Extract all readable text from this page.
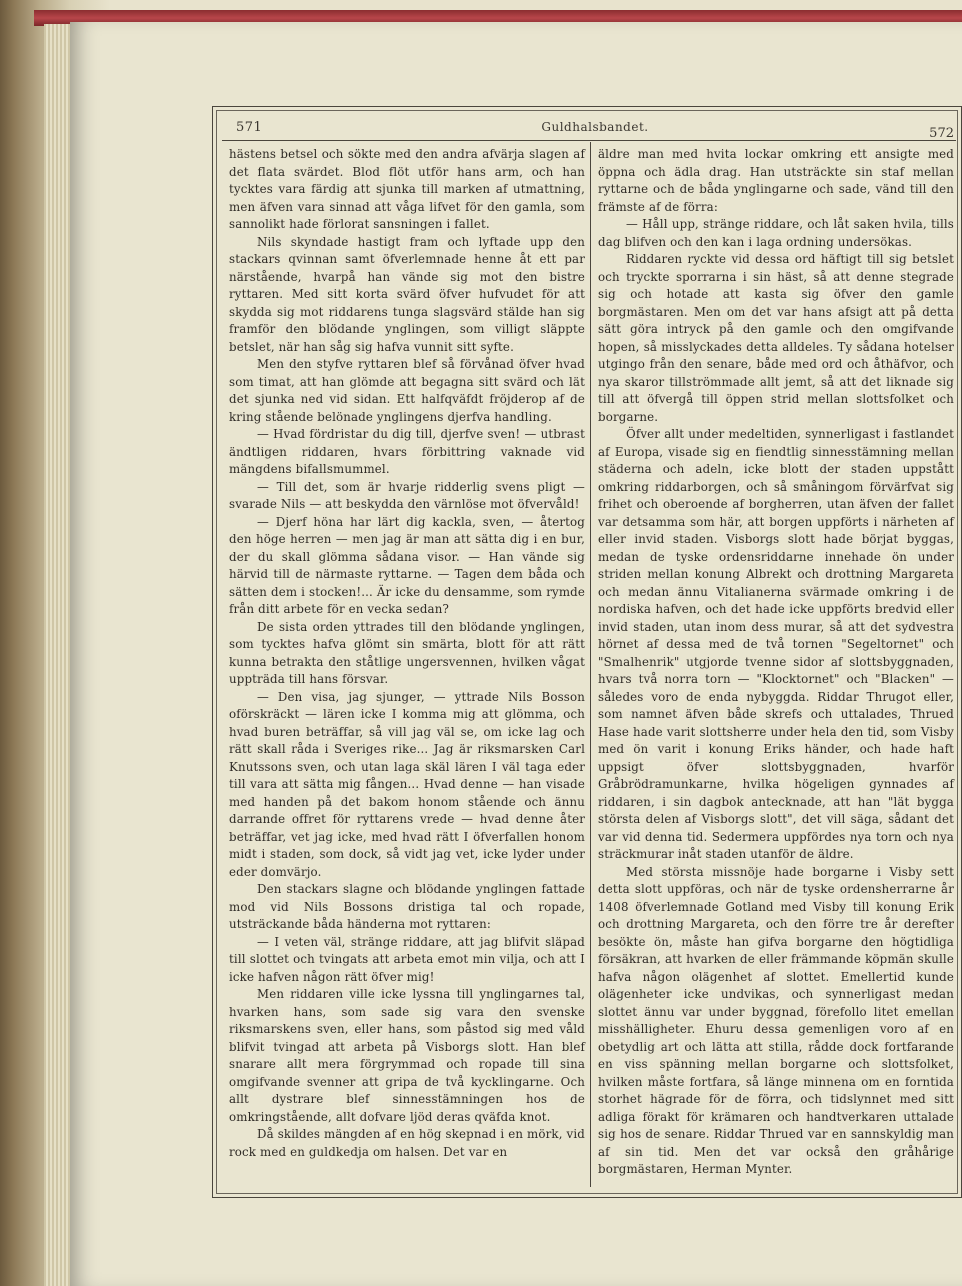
571	Guldhalsbandet.	572

hästens betsel och sökte med den andra afvärja slagen af det flata svärdet. Blod flöt utför hans arm, och han tycktes vara färdig att sjunka till marken af utmattning, men äfven vara sinnad att våga lifvet för den gamla, som sannolikt hade förlorat sansningen i fallet.

Nils skyndade hastigt fram och lyftade upp den stackars qvinnan samt öfverlemnade henne åt ett par närstående, hvarpå han vände sig mot den bistre ryttaren. Med sitt korta svärd öfver hufvudet för att skydda sig mot riddarens tunga slagsvärd stälde han sig framför den blödande ynglingen, som villigt släppte betslet, när han såg sig hafva vunnit sitt syfte.

Men den styfve ryttaren blef så förvånad öfver hvad som timat, att han glömde att begagna sitt svärd och lät det sjunka ned vid sidan. Ett halfqväfdt fröjderop af de kring stående belönade ynglingens djerfva handling.

— Hvad fördristar du dig till, djerfve sven! — utbrast ändtligen riddaren, hvars förbittring vaknade vid mängdens bifallsmummel.

— Till det, som är hvarje ridderlig svens pligt — svarade Nils — att beskydda den värnlöse mot öfvervåld!

— Djerf höna har lärt dig kackla, sven, — återtog den höge herren — men jag är man att sätta dig i en bur, der du skall glömma sådana visor. — Han vände sig härvid till de närmaste ryttarne. — Tagen dem båda och sätten dem i stocken!... Är icke du densamme, som rymde från ditt arbete för en vecka sedan?

De sista orden yttrades till den blödande ynglingen, som tycktes hafva glömt sin smärta, blott för att rätt kunna betrakta den ståtlige ungersvennen, hvilken vågat uppträda till hans försvar.

— Den visa, jag sjunger, — yttrade Nils Bosson oförskräckt — lären icke I komma mig att glömma, och hvad buren beträffar, så vill jag väl se, om icke lag och rätt skall råda i Sveriges rike... Jag är riksmarsken Carl Knutssons sven, och utan laga skäl lären I väl taga eder till vara att sätta mig fången... Hvad denne — han visade med handen på det bakom honom stående och ännu darrande offret för ryttarens vrede — hvad denne åter beträffar, vet jag icke, med hvad rätt I öfverfallen honom midt i staden, som dock, så vidt jag vet, icke lyder under eder domvärjo.

Den stackars slagne och blödande ynglingen fattade mod vid Nils Bossons dristiga tal och ropade, utsträckande båda händerna mot ryttaren:

— I veten väl, stränge riddare, att jag blifvit släpad till slottet och tvingats att arbeta emot min vilja, och att I icke hafven någon rätt öfver mig!

Men riddaren ville icke lyssna till ynglingarnes tal, hvarken hans, som sade sig vara den svenske riksmarskens sven, eller hans, som påstod sig med våld blifvit tvingad att arbeta på Visborgs slott. Han blef snarare allt mera förgrymmad och ropade till sina omgifvande svenner att gripa de två kycklingarne. Och allt dystrare blef sinnesstämningen hos de omkringstående, allt dofvare ljöd deras qväfda knot.

Då skildes mängden af en hög skepnad i en mörk, vid rock med en guldkedja om halsen. Det var en

äldre man med hvita lockar omkring ett ansigte med öppna och ädla drag. Han utsträckte sin staf mellan ryttarne och de båda ynglingarne och sade, vänd till den främste af de förra:

— Håll upp, stränge riddare, och låt saken hvila, tills dag blifven och den kan i laga ordning undersökas.

Riddaren ryckte vid dessa ord häftigt till sig betslet och tryckte sporrarna i sin häst, så att denne stegrade sig och hotade att kasta sig öfver den gamle borgmästaren. Men om det var hans afsigt att på detta sätt göra intryck på den gamle och den omgifvande hopen, så misslyckades detta alldeles. Ty sådana hotelser utgingo från den senare, både med ord och åthäfvor, och nya skaror tillströmmade allt jemt, så att det liknade sig till att öfvergå till öppen strid mellan slottsfolket och borgarne.

Öfver allt under medeltiden, synnerligast i fastlandet af Europa, visade sig en fiendtlig sinnesstämning mellan städerna och adeln, icke blott der staden uppstått omkring riddarborgen, och så småningom förvärfvat sig frihet och oberoende af borgherren, utan äfven der fallet var detsamma som här, att borgen uppförts i närheten af eller invid staden. Visborgs slott hade börjat byggas, medan de tyske ordensriddarne innehade ön under striden mellan konung Albrekt och drottning Margareta och medan ännu Vitalianerna svärmade omkring i de nordiska hafven, och det hade icke uppförts bredvid eller invid staden, utan inom dess murar, så att det sydvestra hörnet af dessa med de två tornen "Segeltornet" och "Smalhenrik" utgjorde tvenne sidor af slottsbyggnaden, hvars två norra torn — "Klocktornet" och "Blacken" — således voro de enda nybyggda. Riddar Thrugot eller, som namnet äfven både skrefs och uttalades, Thrued Hase hade varit slottsherre under hela den tid, som Visby med ön varit i konung Eriks händer, och hade haft uppsigt öfver slottsbyggnaden, hvarför Gråbrödramunkarne, hvilka högeligen gynnades af riddaren, i sin dagbok antecknade, att han "lät bygga största delen af Visborgs slott", det vill säga, sådant det var vid denna tid. Sedermera uppfördes nya torn och nya sträckmurar inåt staden utanför de äldre.

Med största missnöje hade borgarne i Visby sett detta slott uppföras, och när de tyske ordensherrarne år 1408 öfverlemnade Gotland med Visby till konung Erik och drottning Margareta, och den förre tre år derefter besökte ön, måste han gifva borgarne den högtidliga försäkran, att hvarken de eller främmande köpmän skulle hafva någon olägenhet af slottet. Emellertid kunde olägenheter icke undvikas, och synnerligast medan slottet ännu var under byggnad, förefollo litet emellan misshälligheter. Ehuru dessa gemenligen voro af en obetydlig art och lätta att stilla, rådde dock fortfarande en viss spänning mellan borgarne och slottsfolket, hvilken måste fortfara, så länge minnena om en forntida storhet hägrade för de förra, och tidslynnet med sitt adliga förakt för krämaren och handtverkaren uttalade sig hos de senare. Riddar Thrued var en sannskyldig man af sin tid. Men det var också den gråhårige borgmästaren, Herman Mynter.
